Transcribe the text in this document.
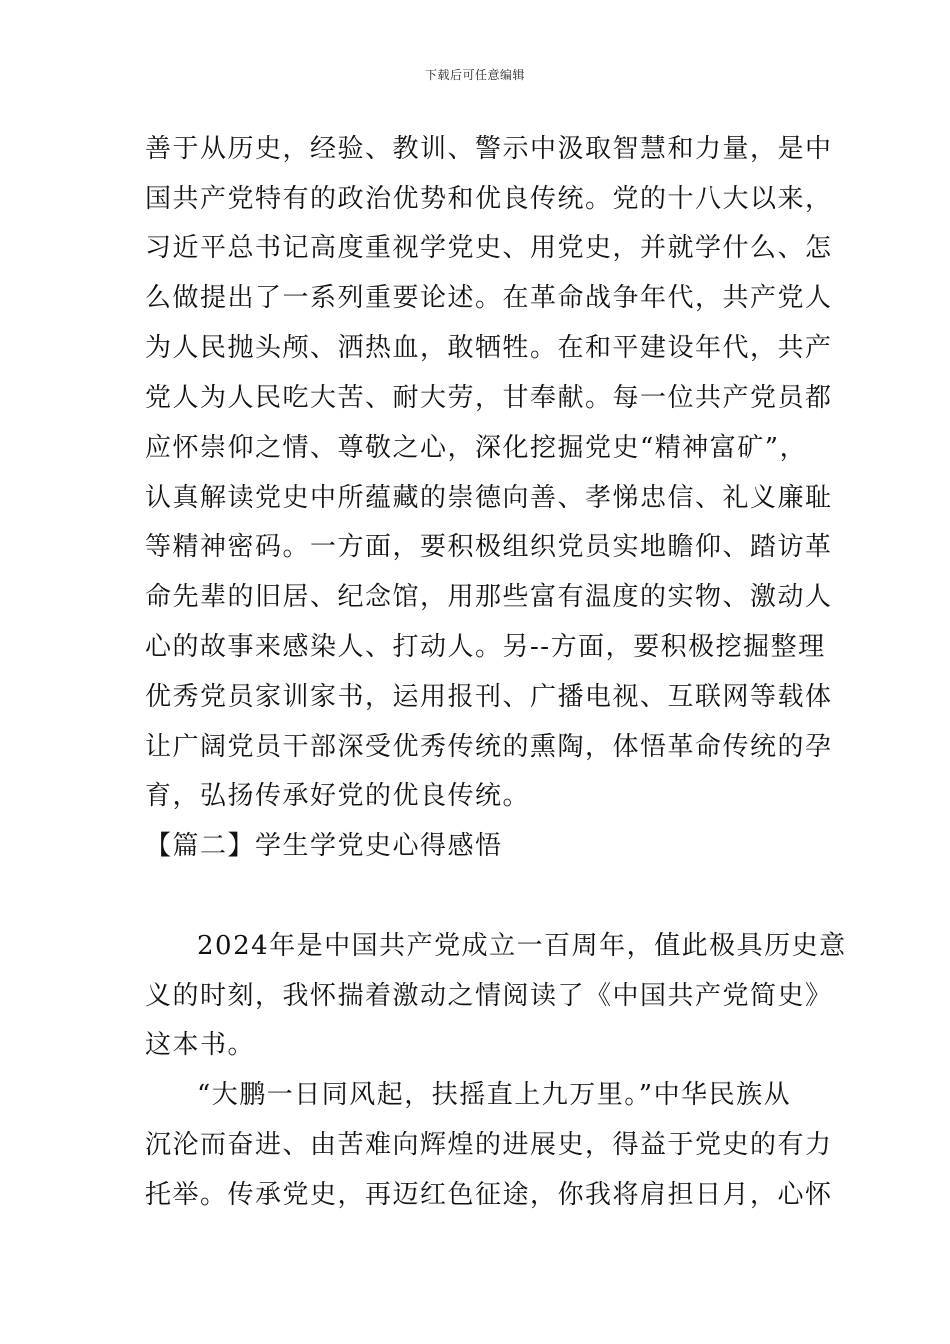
下载后可任意编辑
善于从历史，经验、教训、警示中汲取智慧和力量，是中
国共产党特有的政治优势和优良传统。党的十八大以来，
习近平总书记高度重视学党史、用党史，并就学什么、怎
么做提出了一系列重要论述。在革命战争年代，共产党人
为人民抛头颅、洒热血，敢牺牲。在和平建设年代，共产
党人为人民吃大苦、耐大劳，甘奉献。每一位共产党员都
应怀崇仰之情、尊敬之心，深化挖掘党史“精神富矿”，
认真解读党史中所蕴藏的崇德向善、孝悌忠信、礼义廉耻
等精神密码。一方面，要积极组织党员实地瞻仰、踏访革
命先辈的旧居、纪念馆，用那些富有温度的实物、激动人
心的故事来感染人、打动人。另--方面，要积极挖掘整理
优秀党员家训家书，运用报刊、广播电视、互联网等载体
让广阔党员干部深受优秀传统的熏陶，体悟革命传统的孕
育，弘扬传承好党的优良传统。
【篇二】学生学党史心得感悟
2024年是中国共产党成立一百周年，值此极具历史意
义的时刻，我怀揣着激动之情阅读了《中国共产党简史》
这本书。
“大鹏一日同风起，扶摇直上九万里。”中华民族从
沉沦而奋进、由苦难向辉煌的进展史，得益于党史的有力
托举。传承党史，再迈红色征途，你我将肩担日月，心怀
